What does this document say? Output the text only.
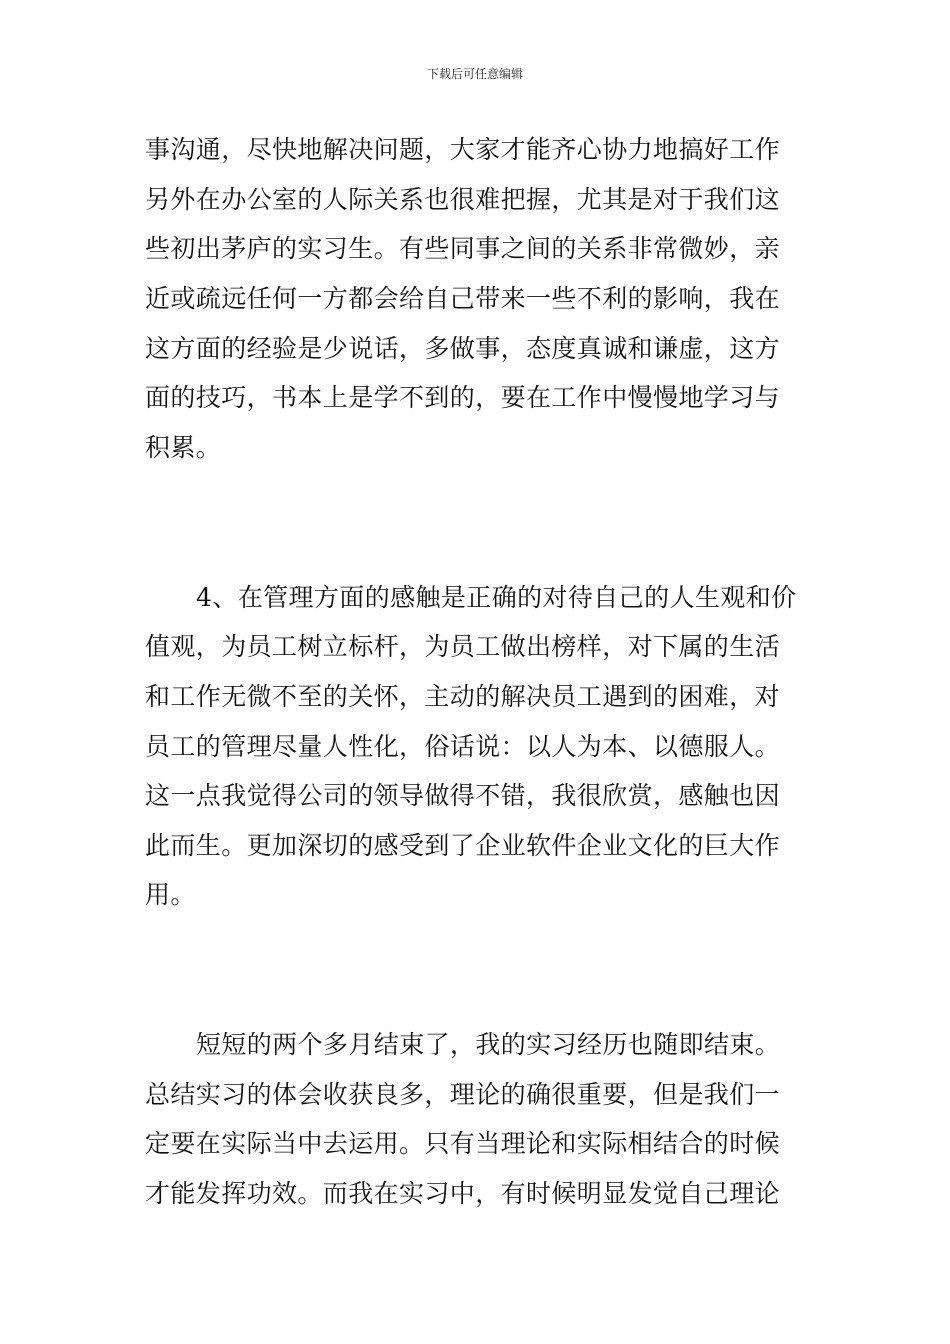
下载后可任意编辑
事沟通，尽快地解决问题，大家才能齐心协力地搞好工作
另外在办公室的人际关系也很难把握，尤其是对于我们这
些初出茅庐的实习生。有些同事之间的关系非常微妙，亲
近或疏远任何一方都会给自己带来一些不利的影响，我在
这方面的经验是少说话，多做事，态度真诚和谦虚，这方
面的技巧，书本上是学不到的，要在工作中慢慢地学习与
积累。
4、在管理方面的感触是正确的对待自己的人生观和价
值观，为员工树立标杆，为员工做出榜样，对下属的生活
和工作无微不至的关怀，主动的解决员工遇到的困难，对
员工的管理尽量人性化，俗话说：以人为本、以德服人。
这一点我觉得公司的领导做得不错，我很欣赏，感触也因
此而生。更加深切的感受到了企业软件企业文化的巨大作
用。
短短的两个多月结束了，我的实习经历也随即结束。
总结实习的体会收获良多，理论的确很重要，但是我们一
定要在实际当中去运用。只有当理论和实际相结合的时候
才能发挥功效。而我在实习中，有时候明显发觉自己理论
